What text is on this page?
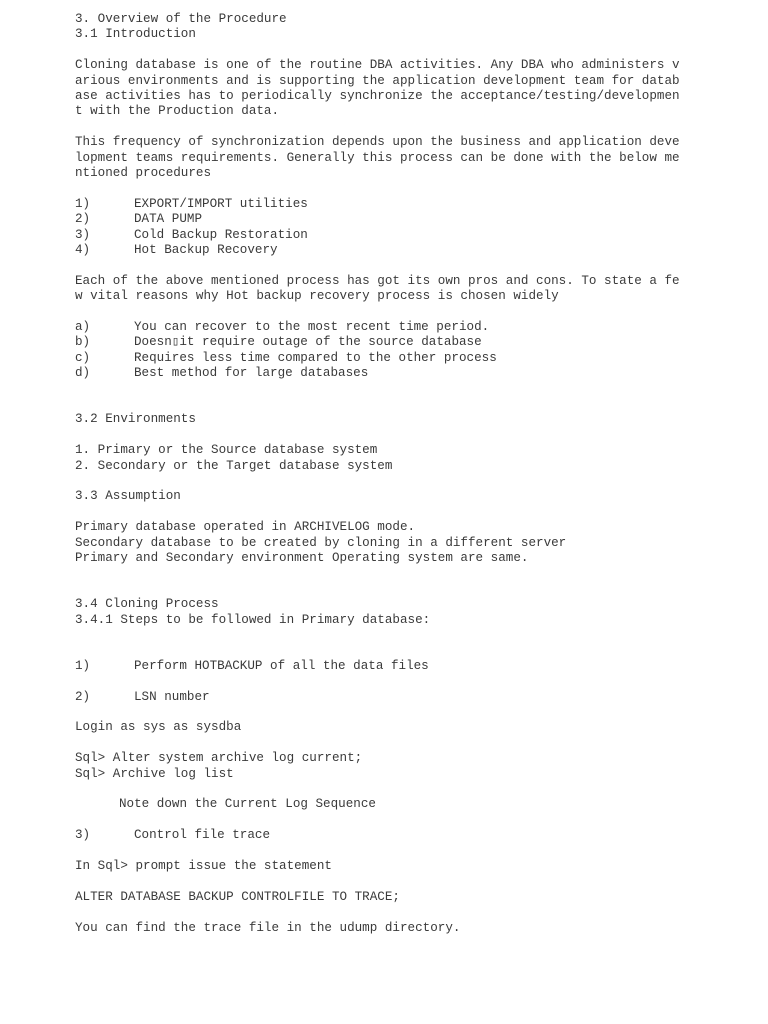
3. Overview of the Procedure
3.1 Introduction

Cloning database is one of the routine DBA activities. Any DBA who administers various environments and is supporting the application development team for database activities has to periodically synchronize the acceptance/testing/development with the Production data.

This frequency of synchronization depends upon the business and application development teams requirements. Generally this process can be done with the below mentioned procedures

1)	EXPORT/IMPORT utilities
2)	DATA PUMP
3)	Cold Backup Restoration
4)	Hot Backup Recovery

Each of the above mentioned process has got its own pros and cons. To state a few vital reasons why Hot backup recovery process is chosen widely

a)	You can recover to the most recent time period.
b)	Doesn▯it require outage of the source database
c)	Requires less time compared to the other process
d)	Best method for large databases
3.2 Environments
1. Primary or the Source database system
2. Secondary or the Target database system
3.3 Assumption
Primary database operated in ARCHIVELOG mode.
Secondary database to be created by cloning in a different server
Primary and Secondary environment Operating system are same.
3.4 Cloning Process
3.4.1 Steps to be followed in Primary database:
1)	Perform HOTBACKUP of all the data files
2)	LSN number
Login as sys as sysdba
Sql> Alter system archive log current;
Sql> Archive log list
Note down the Current Log Sequence
3)	Control file trace
In Sql> prompt issue the statement
ALTER DATABASE BACKUP CONTROLFILE TO TRACE;
You can find the trace file in the udump directory.
